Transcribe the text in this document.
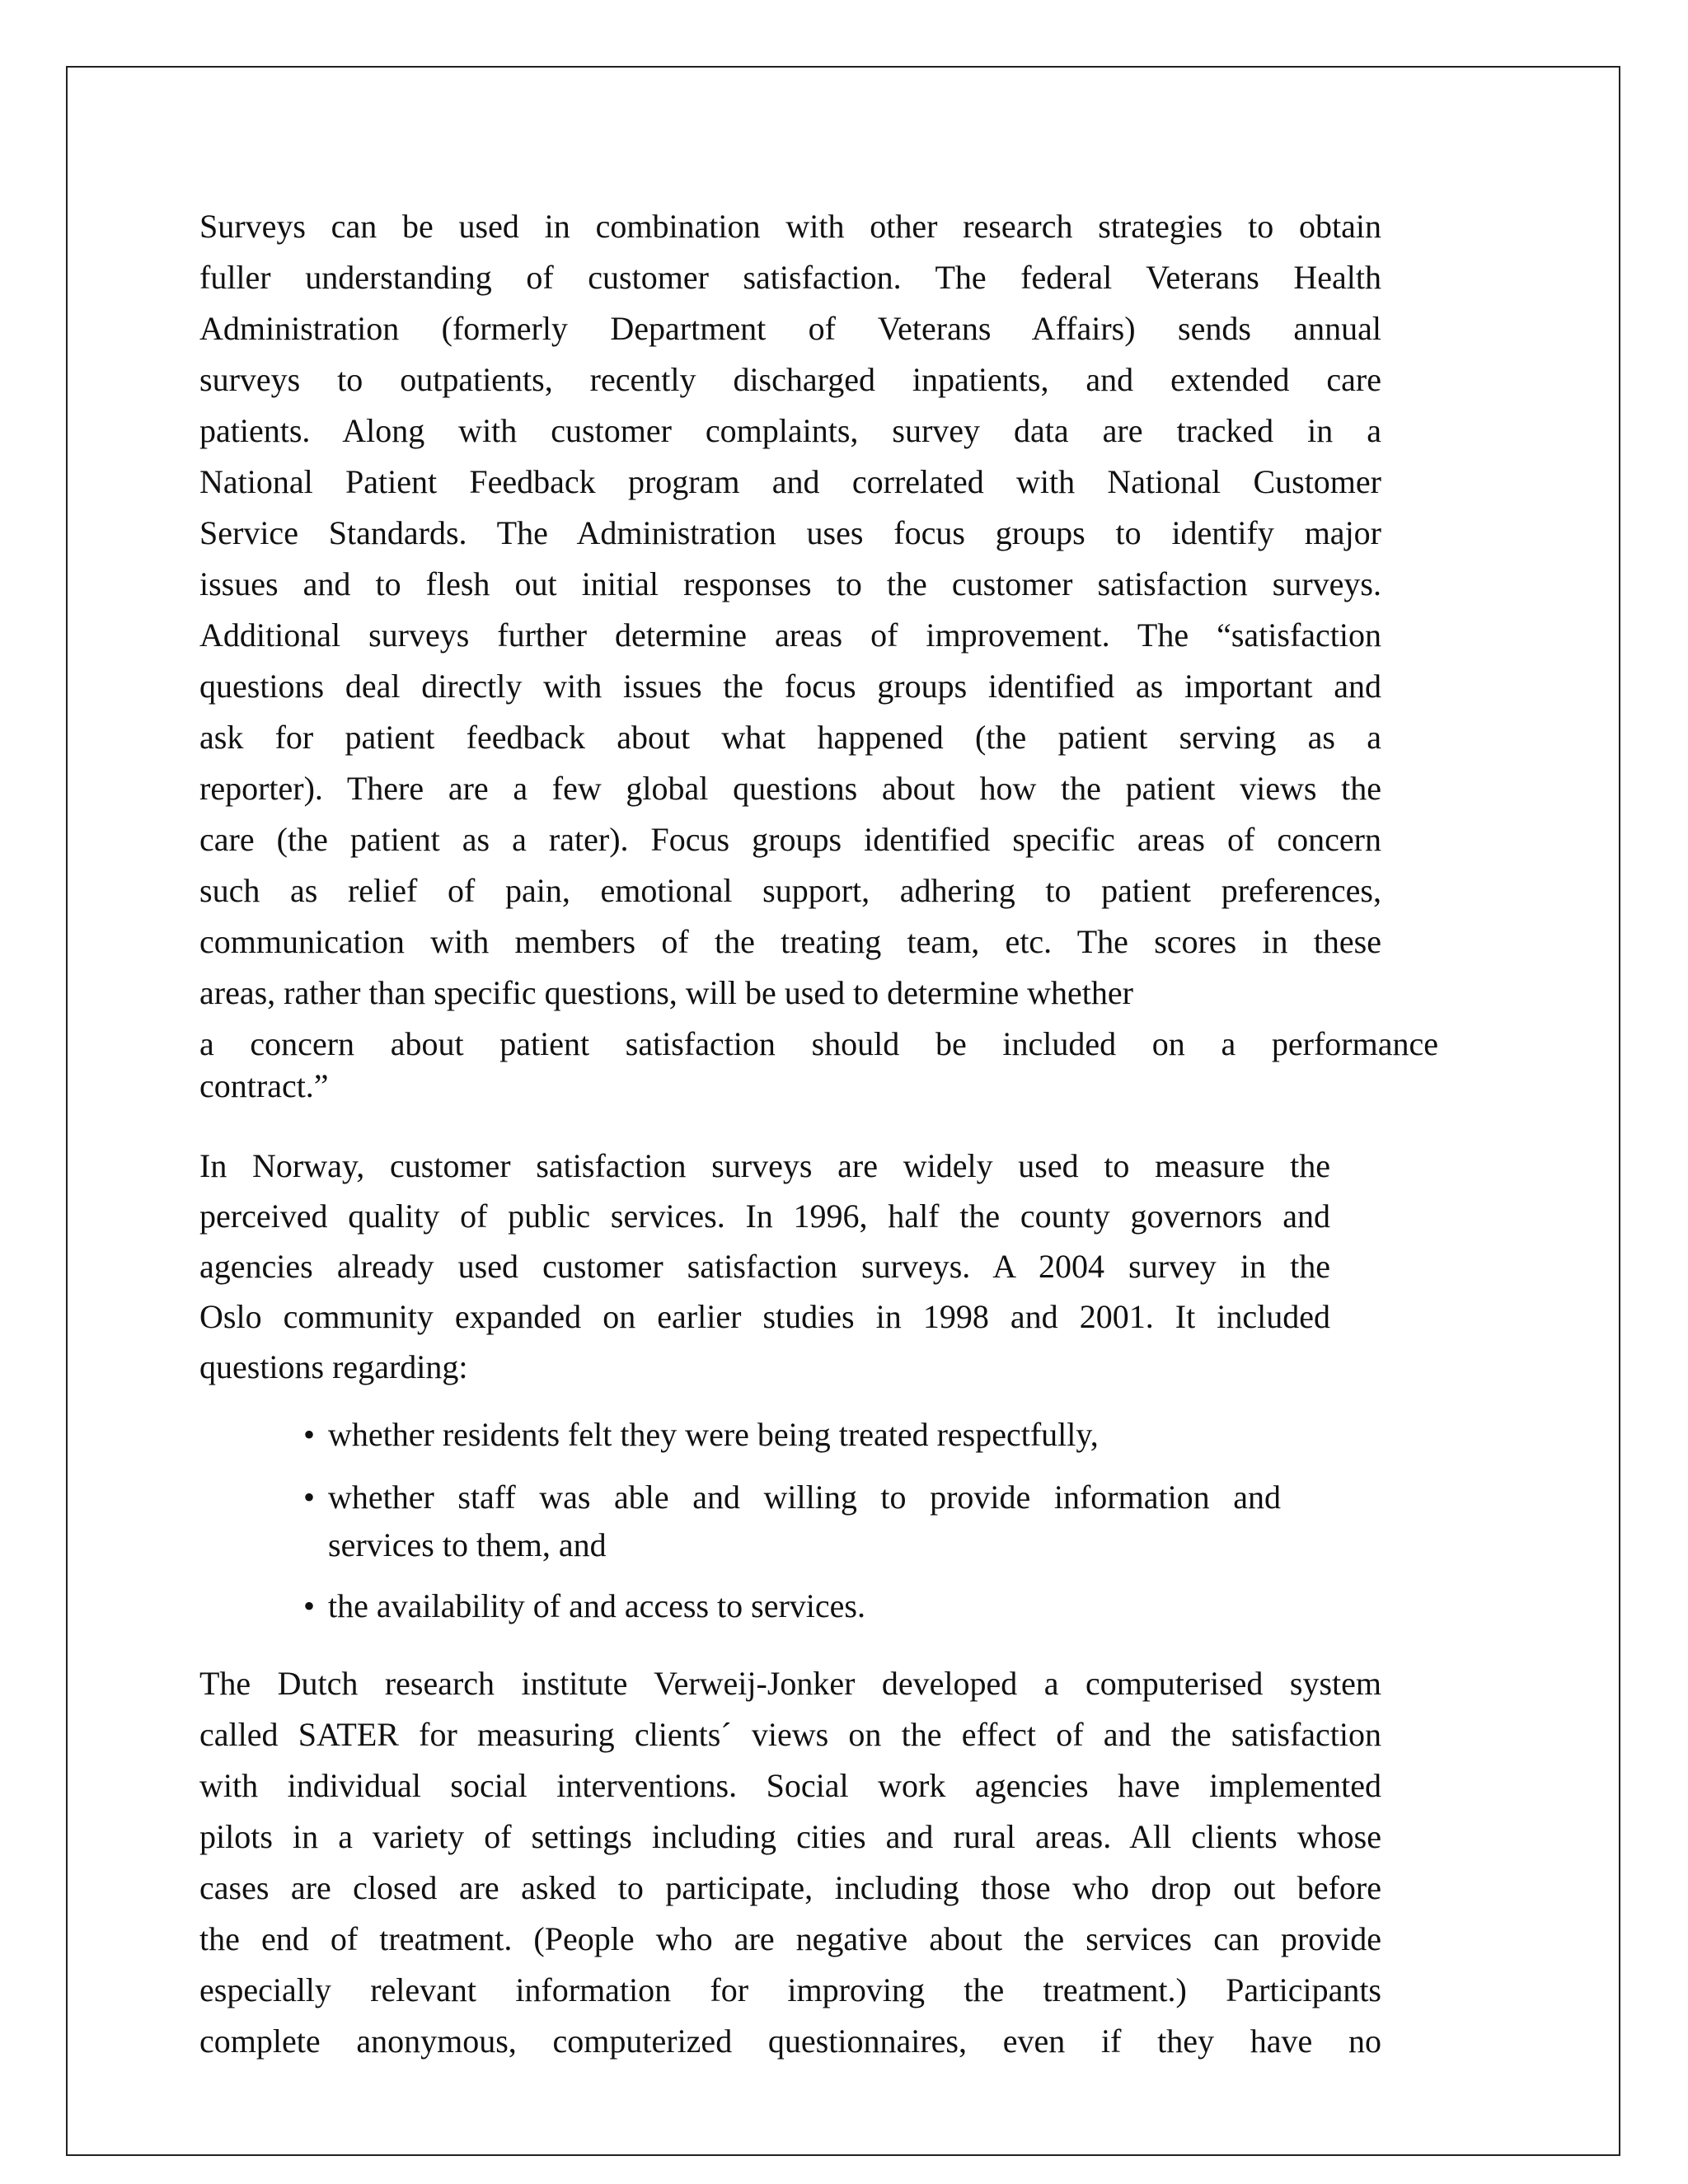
Surveys can be used in combination with other research strategies to obtain
fuller understanding of customer satisfaction. The federal Veterans Health
Administration (formerly Department of Veterans Affairs) sends annual
surveys to outpatients, recently discharged inpatients, and extended care
patients. Along with customer complaints, survey data are tracked in a
National Patient Feedback program and correlated with National Customer
Service Standards. The Administration uses focus groups to identify major
issues and to flesh out initial responses to the customer satisfaction surveys.
Additional surveys further determine areas of improvement. The “satisfaction
questions deal directly with issues the focus groups identified as important and
ask for patient feedback about what happened (the patient serving as a
reporter). There are a few global questions about how the patient views the
care (the patient as a rater). Focus groups identified specific areas of concern
such as relief of pain, emotional support, adhering to patient preferences,
communication with members of the treating team, etc. The scores in these
areas, rather than specific questions, will be used to determine whether
a concern about patient satisfaction should be included on a performance
contract.”
In Norway, customer satisfaction surveys are widely used to measure the
perceived quality of public services. In 1996, half the county governors and
agencies already used customer satisfaction surveys. A 2004 survey in the
Oslo community expanded on earlier studies in 1998 and 2001. It included
questions regarding:
• whether residents felt they were being treated respectfully,
• whether staff was able and willing to provide information and
services to them, and
• the availability of and access to services.
The Dutch research institute Verweij-Jonker developed a computerised system
called SATER for measuring clients´ views on the effect of and the satisfaction
with individual social interventions. Social work agencies have implemented
pilots in a variety of settings including cities and rural areas. All clients whose
cases are closed are asked to participate, including those who drop out before
the end of treatment. (People who are negative about the services can provide
especially relevant information for improving the treatment.) Participants
complete anonymous, computerized questionnaires, even if they have no
